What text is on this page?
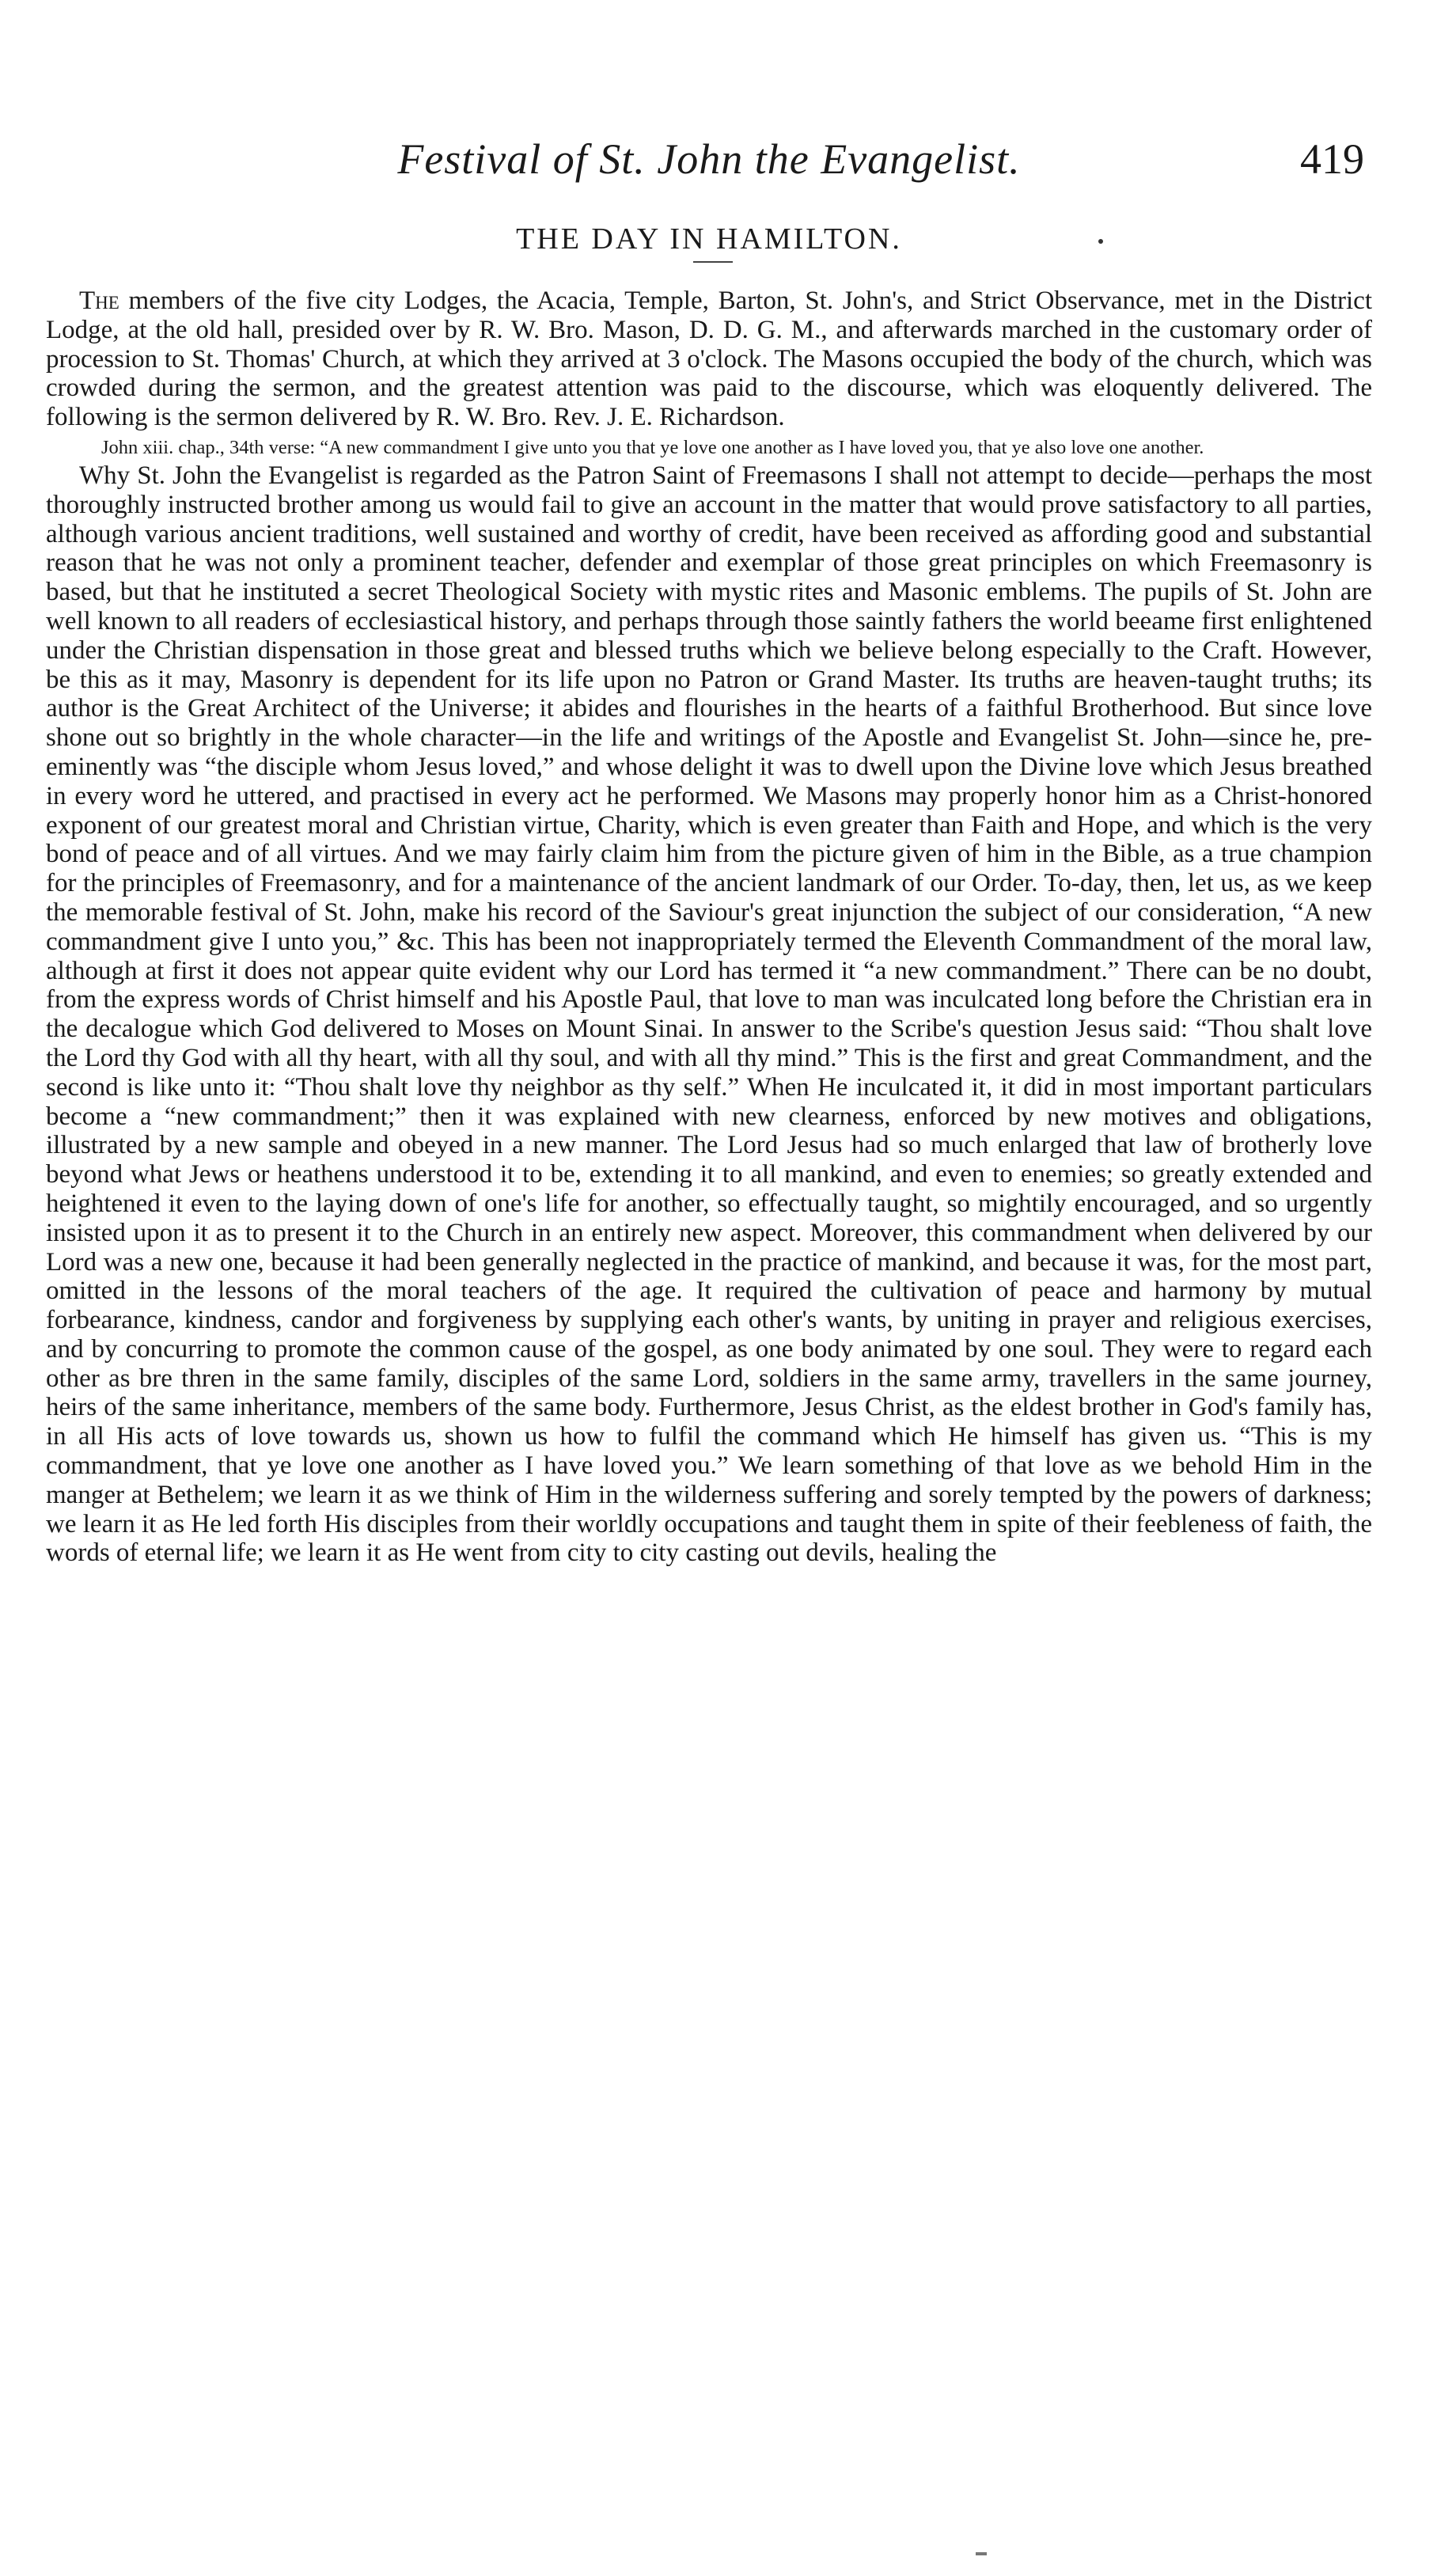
Festival of St. John the Evangelist.	419
THE DAY IN HAMILTON.

The members of the five city Lodges, the Acacia, Temple, Barton, St. John's, and Strict Observance, met in the District Lodge, at the old hall, presided over by R. W. Bro. Mason, D. D. G. M., and afterwards marched in the customary order of procession to St. Thomas' Church, at which they arrived at 3 o'clock. The Masons occupied the body of the church, which was crowded during the sermon, and the greatest attention was paid to the discourse, which was eloquently delivered. The following is the sermon delivered by R. W. Bro. Rev. J. E. Richardson.

John xiii. chap., 34th verse: “A new commandment I give unto you that ye love one another as I have loved you, that ye also love one another.

Why St. John the Evangelist is regarded as the Patron Saint of Freemasons I shall not attempt to decide—perhaps the most thoroughly instructed brother among us would fail to give an account in the matter that would prove satisfactory to all parties, although various ancient traditions, well sustained and worthy of credit, have been received as affording good and substantial reason that he was not only a prominent teacher, defender and exemplar of those great principles on which Freemasonry is based, but that he instituted a secret Theological Society with mystic rites and Masonic emblems. The pupils of St. John are well known to all readers of ecclesiastical history, and perhaps through those saintly fathers the world beeame first enlightened under the Christian dispensation in those great and blessed truths which we believe belong especially to the Craft. However, be this as it may, Masonry is dependent for its life upon no Patron or Grand Master. Its truths are heaven-taught truths; its author is the Great Architect of the Universe; it abides and flourishes in the hearts of a faithful Brotherhood. But since love shone out so brightly in the whole character—in the life and writings of the Apostle and Evangelist St. John—since he, pre-eminently was “the disciple whom Jesus loved,” and whose delight it was to dwell upon the Divine love which Jesus breathed in every word he uttered, and practised in every act he performed. We Masons may properly honor him as a Christ-honored exponent of our greatest moral and Christian virtue, Charity, which is even greater than Faith and Hope, and which is the very bond of peace and of all virtues. And we may fairly claim him from the picture given of him in the Bible, as a true champion for the principles of Freemasonry, and for a maintenance of the ancient landmark of our Order. To-day, then, let us, as we keep the memorable festival of St. John, make his record of the Saviour's great injunction the subject of our consideration, “A new commandment give I unto you,” &c. This has been not inappropriately termed the Eleventh Commandment of the moral law, although at first it does not appear quite evident why our Lord has termed it “a new commandment.” There can be no doubt, from the express words of Christ himself and his Apostle Paul, that love to man was inculcated long before the Christian era in the decalogue which God delivered to Moses on Mount Sinai. In answer to the Scribe's question Jesus said: “Thou shalt love the Lord thy God with all thy heart, with all thy soul, and with all thy mind.” This is the first and great Commandment, and the second is like unto it: “Thou shalt love thy neighbor as thy self.” When He inculcated it, it did in most important particulars become a “new commandment;” then it was explained with new clearness, enforced by new motives and obligations, illustrated by a new sample and obeyed in a new manner. The Lord Jesus had so much enlarged that law of brotherly love beyond what Jews or heathens understood it to be, extending it to all mankind, and even to enemies; so greatly extended and heightened it even to the laying down of one's life for another, so effectually taught, so mightily encouraged, and so urgently insisted upon it as to present it to the Church in an entirely new aspect. Moreover, this commandment when delivered by our Lord was a new one, because it had been generally neglected in the practice of mankind, and because it was, for the most part, omitted in the lessons of the moral teachers of the age. It required the cultivation of peace and harmony by mutual forbearance, kindness, candor and forgiveness by supplying each other's wants, by uniting in prayer and religious exercises, and by concurring to promote the common cause of the gospel, as one body animated by one soul. They were to regard each other as bre thren in the same family, disciples of the same Lord, soldiers in the same army, travellers in the same journey, heirs of the same inheritance, members of the same body. Furthermore, Jesus Christ, as the eldest brother in God's family has, in all His acts of love towards us, shown us how to fulfil the command which He himself has given us. “This is my commandment, that ye love one another as I have loved you.” We learn something of that love as we behold Him in the manger at Bethelem; we learn it as we think of Him in the wilderness suffering and sorely tempted by the powers of darkness; we learn it as He led forth His disciples from their worldly occupations and taught them in spite of their feebleness of faith, the words of eternal life; we learn it as He went from city to city casting out devils, healing the
